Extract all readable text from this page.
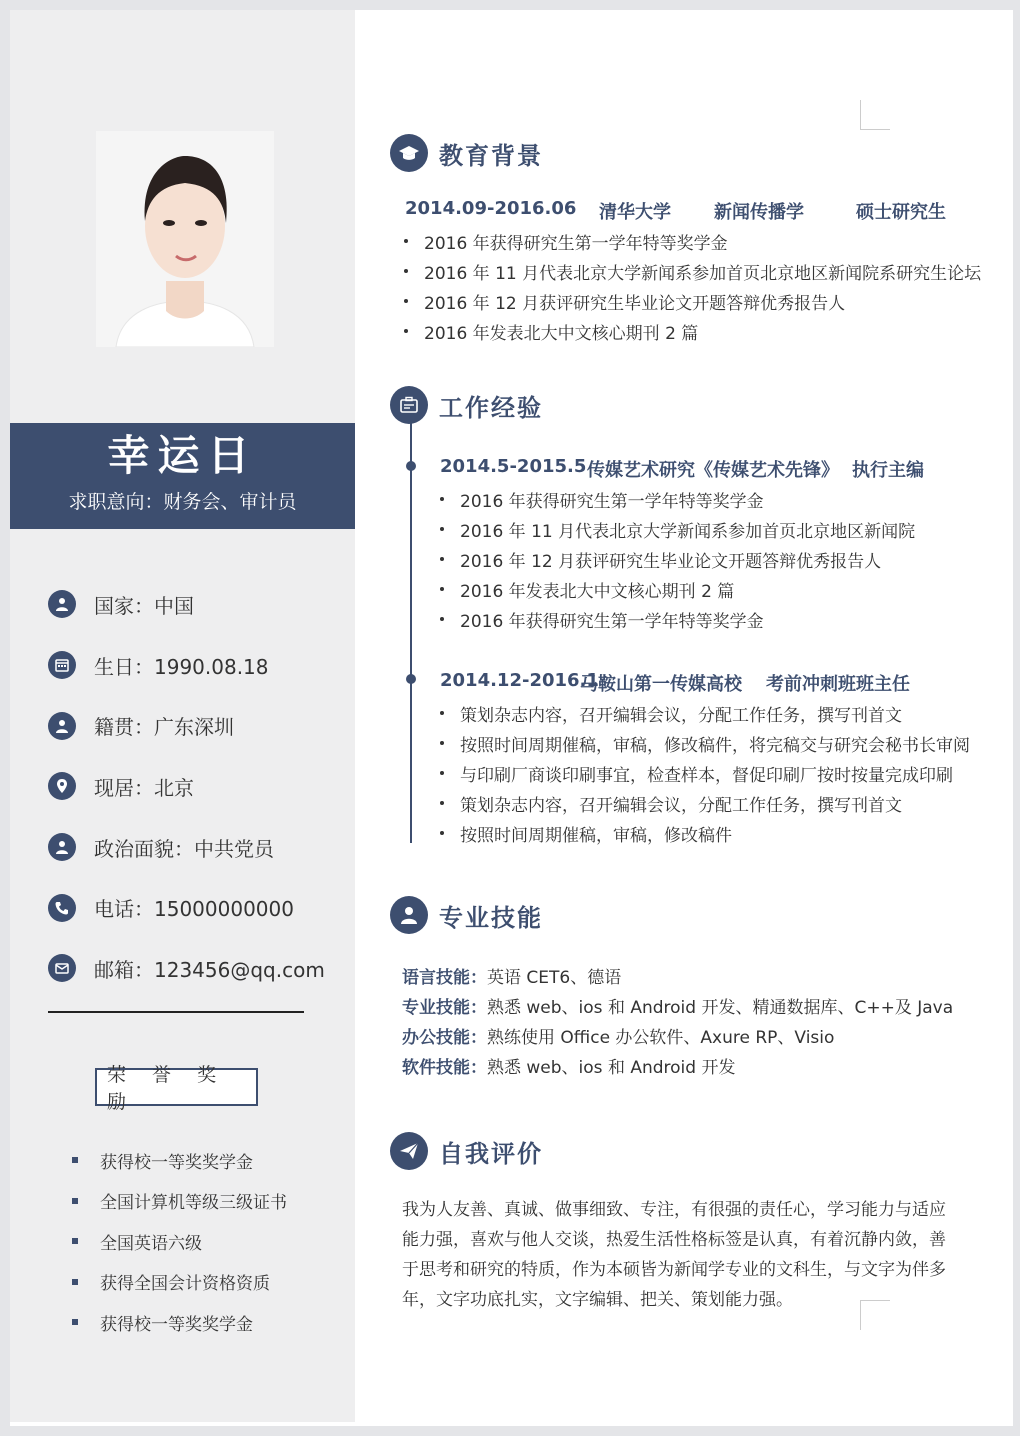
幸运日
求职意向：财务会、审计员
国家：中国
生日：1990.08.18
籍贯：广东深圳
现居：北京
政治面貌：中共党员
电话：15000000000
邮箱：123456@qq.com
荣 誉 奖 励
获得校一等奖奖学金
全国计算机等级三级证书
全国英语六级
获得全国会计资格资质
获得校一等奖奖学金
教育背景
2014.09-2016.06	清华大学	新闻传播学	硕士研究生
2016 年获得研究生第一学年特等奖学金
2016 年 11 月代表北京大学新闻系参加首页北京地区新闻院系研究生论坛
2016 年 12 月获评研究生毕业论文开题答辩优秀报告人
2016 年发表北大中文核心期刊 2 篇
工作经验
2014.5-2015.5 传媒艺术研究《传媒艺术先锋》 执行主编
2016 年获得研究生第一学年特等奖学金
2016 年 11 月代表北京大学新闻系参加首页北京地区新闻院
2016 年 12 月获评研究生毕业论文开题答辩优秀报告人
2016 年发表北大中文核心期刊 2 篇
2016 年获得研究生第一学年特等奖学金
2014.12-2016.1
马鞍山第一传媒高校	考前冲刺班班主任
策划杂志内容，召开编辑会议，分配工作任务，撰写刊首文
按照时间周期催稿，审稿，修改稿件，将完稿交与研究会秘书长审阅
与印刷厂商谈印刷事宜，检查样本，督促印刷厂按时按量完成印刷
策划杂志内容，召开编辑会议，分配工作任务，撰写刊首文
按照时间周期催稿，审稿，修改稿件
专业技能
语言技能： 英语 CET6、德语
专业技能： 熟悉 web、ios 和 Android 开发、精通数据库、C++及 Java
办公技能： 熟练使用 Office 办公软件、Axure RP、Visio
软件技能： 熟悉 web、ios 和 Android 开发
自我评价
我为人友善、真诚、做事细致、专注，有很强的责任心，学习能力与适应能力强，喜欢与他人交谈，热爱生活性格标签是认真，有着沉静内敛，善于思考和研究的特质，作为本硕皆为新闻学专业的文科生，与文字为伴多年，文字功底扎实，文字编辑、把关、策划能力强。
